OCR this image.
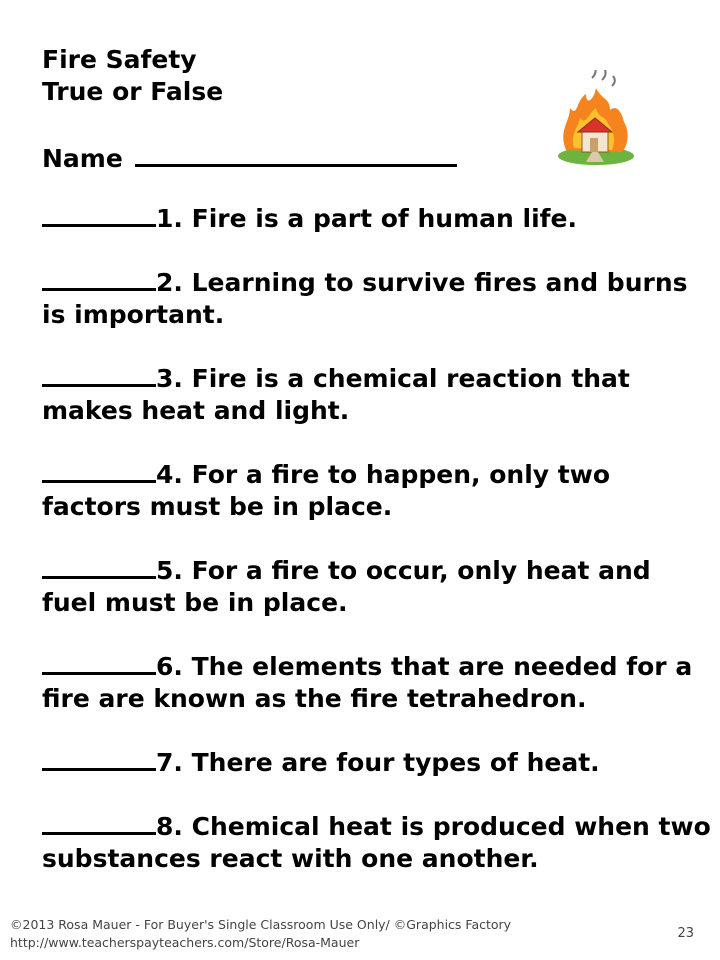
Fire Safety
True or False
Name
1. Fire is a part of human life.
2. Learning to survive fires and burns is important.
3. Fire is a chemical reaction that makes heat and light.
4. For a fire to happen, only two factors must be in place.
5. For a fire to occur, only heat and fuel must be in place.
6. The elements that are needed for a fire are known as the fire tetrahedron.
7. There are four types of heat.
8. Chemical heat is produced when two substances react with one another.
©2013 Rosa Mauer - For Buyer's Single Classroom Use Only/ ©Graphics Factory
http://www.teacherspayteachers.com/Store/Rosa-Mauer
23
